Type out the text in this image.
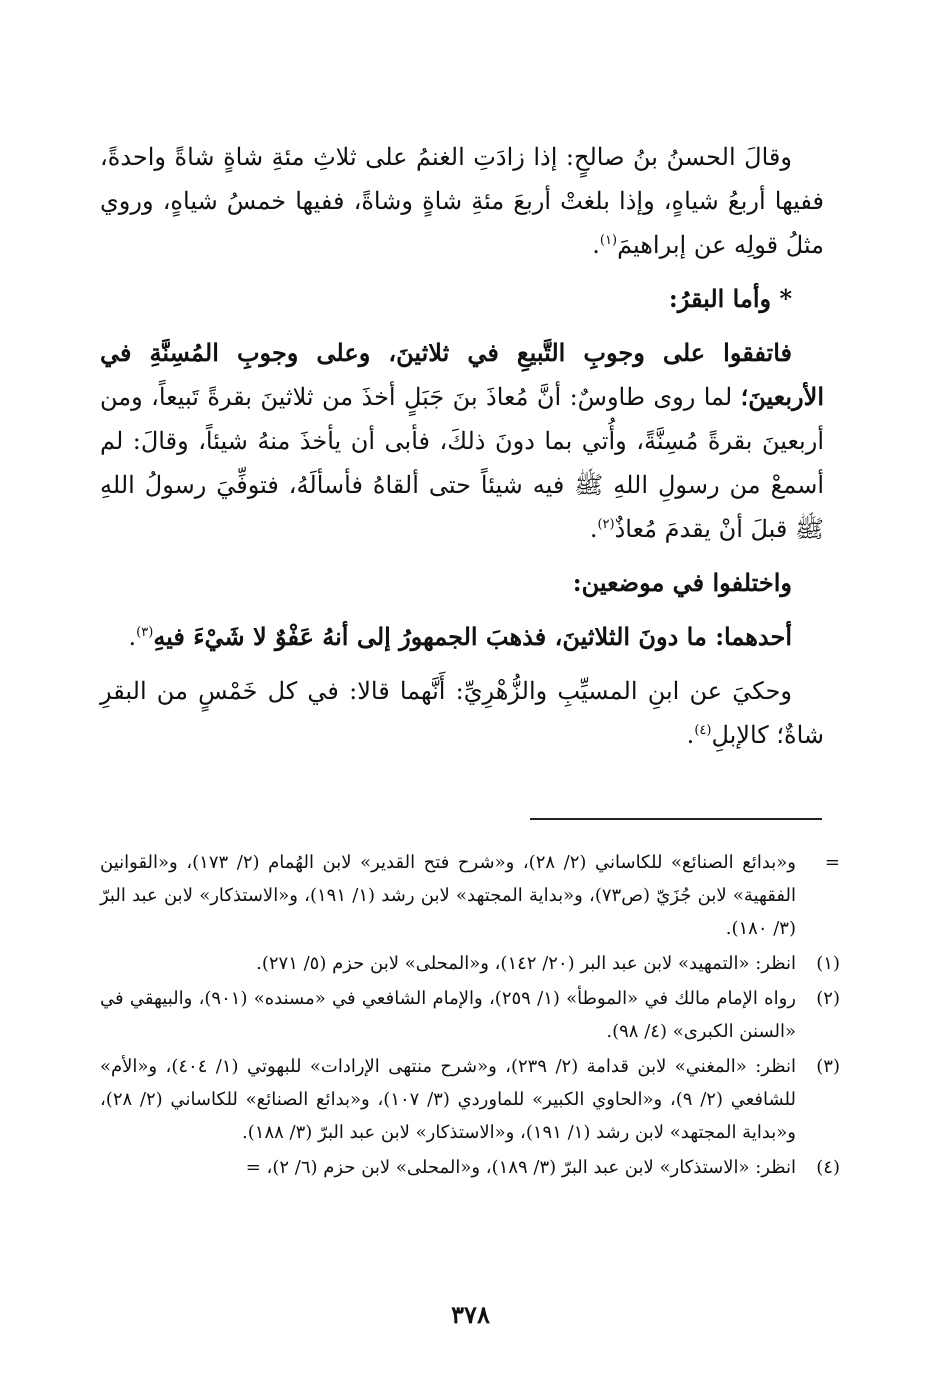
وقالَ الحسنُ بنُ صالحٍ: إذا زادَتِ الغنمُ على ثلاثِ مئةِ شاةٍ شاةً واحدةً، ففيها أربعُ شياهٍ، وإذا بلغتْ أربعَ مئةِ شاةٍ وشاةً، ففيها خمسُ شياهٍ، وروي مثلُ قولِه عن إبراهيمَ$^{(١)}$.

* وأما البقرُ:

فاتفقوا على وجوبِ التَّبيعِ في ثلاثينَ، وعلى وجوبِ المُسِنَّةِ في الأربعينَ؛ لما روى طاوسٌ: أنَّ مُعاذَ بنَ جَبَلٍ أخذَ من ثلاثينَ بقرةً تَبيعاً، ومن أربعينَ بقرةً مُسِنَّةً، وأُتي بما دونَ ذلكَ، فأبى أن يأخذَ منهُ شيئاً، وقالَ: لم أسمعْ من رسولِ اللهِ ﷺ فيه شيئاً حتى ألقاهُ فأسألَهُ، فتوفِّيَ رسولُ اللهِ ﷺ قبلَ أنْ يقدمَ مُعاذٌ$^{(٢)}$.

واختلفوا في موضعين:

أحدهما: ما دونَ الثلاثينَ، فذهبَ الجمهورُ إلى أنهُ عَفْوٌ لا شَيْءَ فيهِ$^{(٣)}$.

وحكيَ عن ابنِ المسيِّبِ والزُّهْرِيِّ: أَنَّهما قالا: في كل خَمْسٍ من البقرِ شاةٌ؛ كالإبلِ$^{(٤)}$.

=
و«بدائع الصنائع» للكاساني (٢/ ٢٨)، و«شرح فتح القدير» لابن الهُمام (٢/ ١٧٣)، و«القوانين الفقهية» لابن جُزَيّ (ص٧٣)، و«بداية المجتهد» لابن رشد (١/ ١٩١)، و«الاستذكار» لابن عبد البرّ (٣/ ١٨٠).
(١)
انظر: «التمهيد» لابن عبد البر (٢٠/ ١٤٢)، و«المحلى» لابن حزم (٥/ ٢٧١).
(٢)
رواه الإمام مالك في «الموطأ» (١/ ٢٥٩)، والإمام الشافعي في «مسنده» (٩٠١)، والبيهقي في «السنن الكبرى» (٤/ ٩٨).
(٣)
انظر: «المغني» لابن قدامة (٢/ ٢٣٩)، و«شرح منتهى الإرادات» للبهوتي (١/ ٤٠٤)، و«الأم» للشافعي (٢/ ٩)، و«الحاوي الكبير» للماوردي (٣/ ١٠٧)، و«بدائع الصنائع» للكاساني (٢/ ٢٨)، و«بداية المجتهد» لابن رشد (١/ ١٩١)، و«الاستذكار» لابن عبد البرّ (٣/ ١٨٨).
(٤)
انظر: «الاستذكار» لابن عبد البرّ (٣/ ١٨٩)، و«المحلى» لابن حزم (٦/ ٢)، =
٣٧٨
